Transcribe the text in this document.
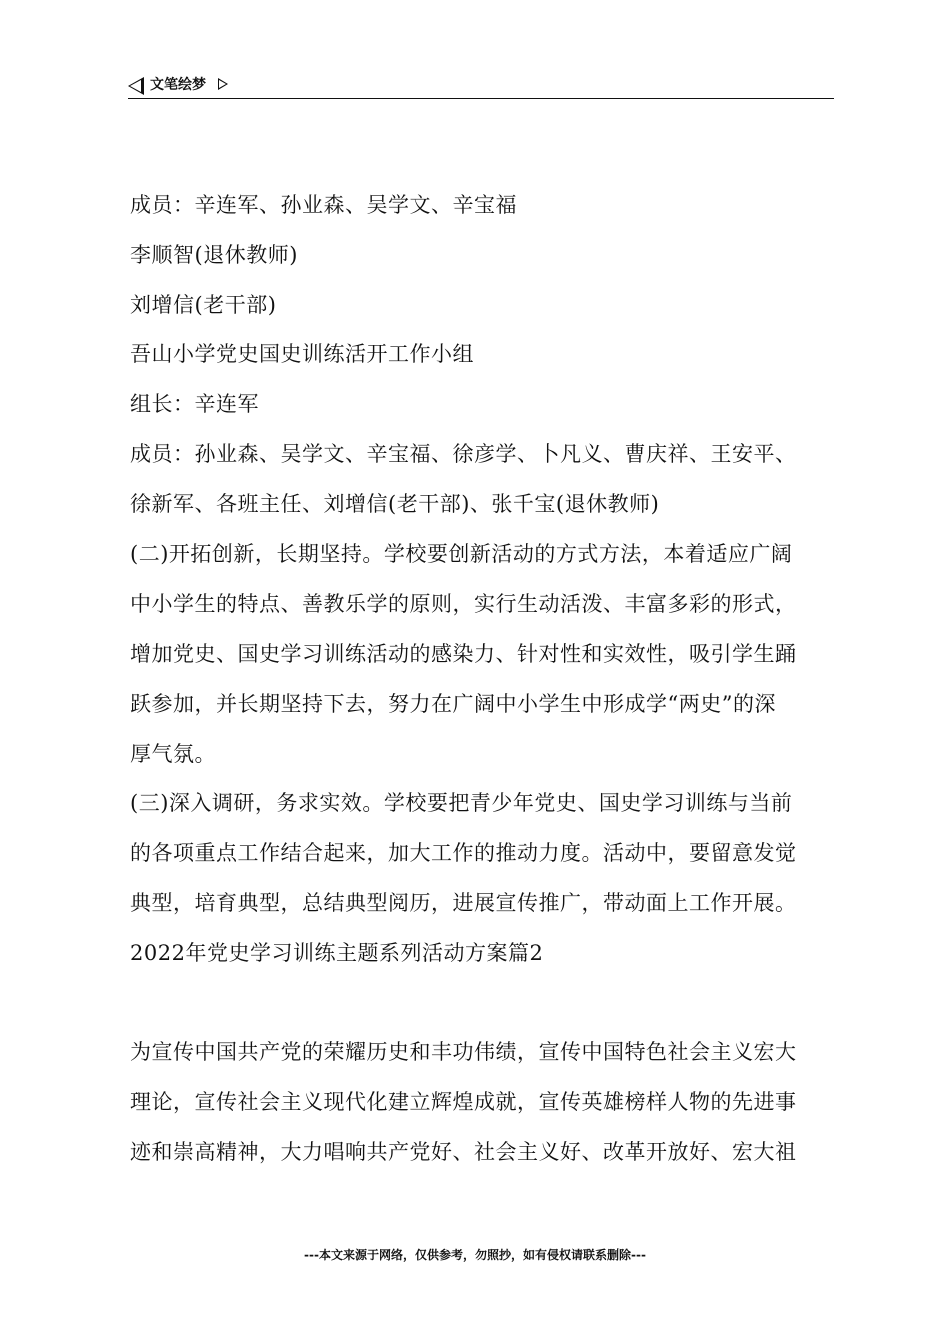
文笔绘梦
成员：辛连军、孙业森、吴学文、辛宝福
李顺智(退休教师)
刘增信(老干部)
吾山小学党史国史训练活开工作小组
组长：辛连军
成员：孙业森、吴学文、辛宝福、徐彦学、卜凡义、曹庆祥、王安平、
徐新军、各班主任、刘增信(老干部)、张千宝(退休教师)
(二)开拓创新，长期坚持。学校要创新活动的方式方法，本着适应广阔
中小学生的特点、善教乐学的原则，实行生动活泼、丰富多彩的形式，
增加党史、国史学习训练活动的感染力、针对性和实效性，吸引学生踊
跃参加，并长期坚持下去，努力在广阔中小学生中形成学“两史”的深
厚气氛。
(三)深入调研，务求实效。学校要把青少年党史、国史学习训练与当前
的各项重点工作结合起来，加大工作的推动力度。活动中，要留意发觉
典型，培育典型，总结典型阅历，进展宣传推广，带动面上工作开展。
2022年党史学习训练主题系列活动方案篇2
为宣传中国共产党的荣耀历史和丰功伟绩，宣传中国特色社会主义宏大
理论，宣传社会主义现代化建立辉煌成就，宣传英雄榜样人物的先进事
迹和崇高精神，大力唱响共产党好、社会主义好、改革开放好、宏大祖
---本文来源于网络，仅供参考，勿照抄，如有侵权请联系删除---
